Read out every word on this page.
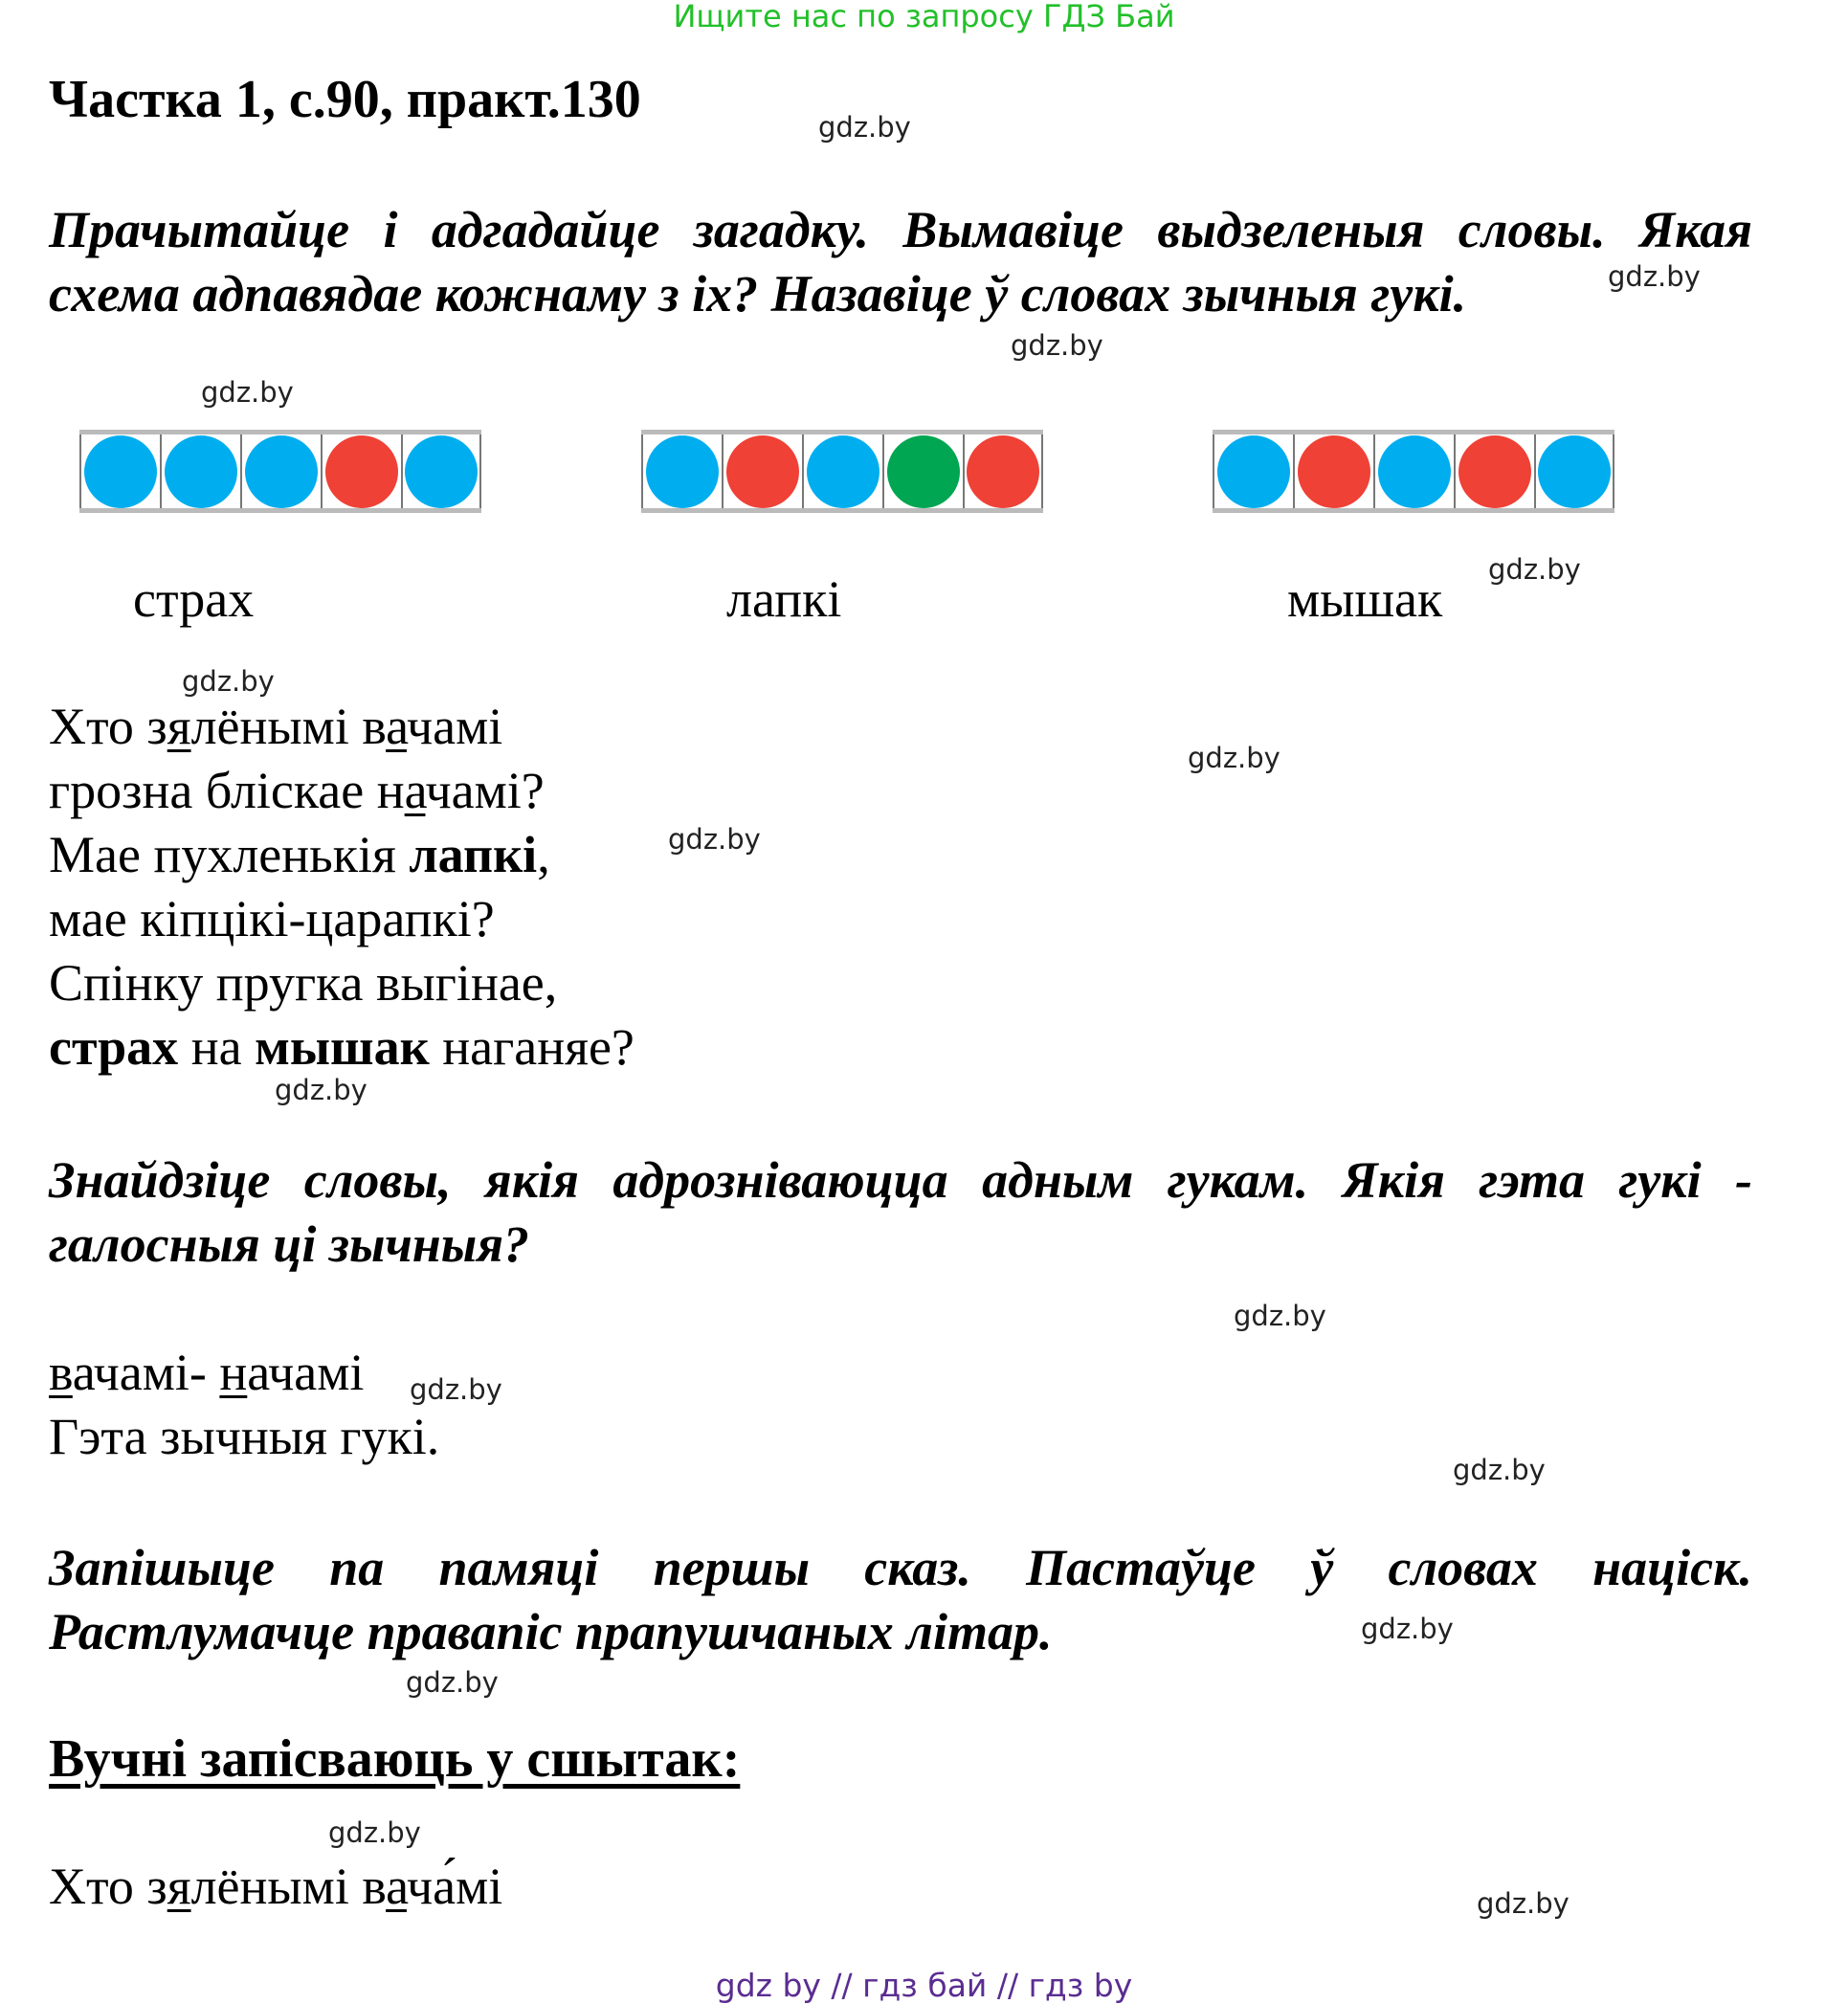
Ищите нас по запросу ГДЗ Бай
Частка 1, с.90, практ.130
Прачытайце і адгадайце загадку. Вымавіце выдзеленыя словы. Якая
схема адпавядае кожнаму з іх? Назавіце ў словах зычныя гукі.
страх	лапкі	мышак
Хто зялёнымі вачамі
грозна бліскае начамі?
Мае пухленькія лапкі,
мае кіпцікі-царапкі?
Спінку пругка выгінае,
страх на мышак наганяе?
Знайдзіце словы, якія адрозніваюцца адным гукам. Якія гэта гукі -
галосныя ці зычныя?
вачамі- начамі
Гэта зычныя гукі.
Запішыце па памяці першы сказ. Пастаўце ў словах націск.
Растлумачце правапіс прапушчаных літар.
Вучні запісваюць у сшытак:
Хто зялёнымі вача́мі
gdz.by
gdz.by
gdz.by
gdz.by
gdz.by
gdz.by
gdz.by
gdz.by
gdz.by
gdz.by
gdz.by
gdz.by
gdz.by
gdz.by
gdz.by
gdz.by
gdz by // гдз бай // гдз by
